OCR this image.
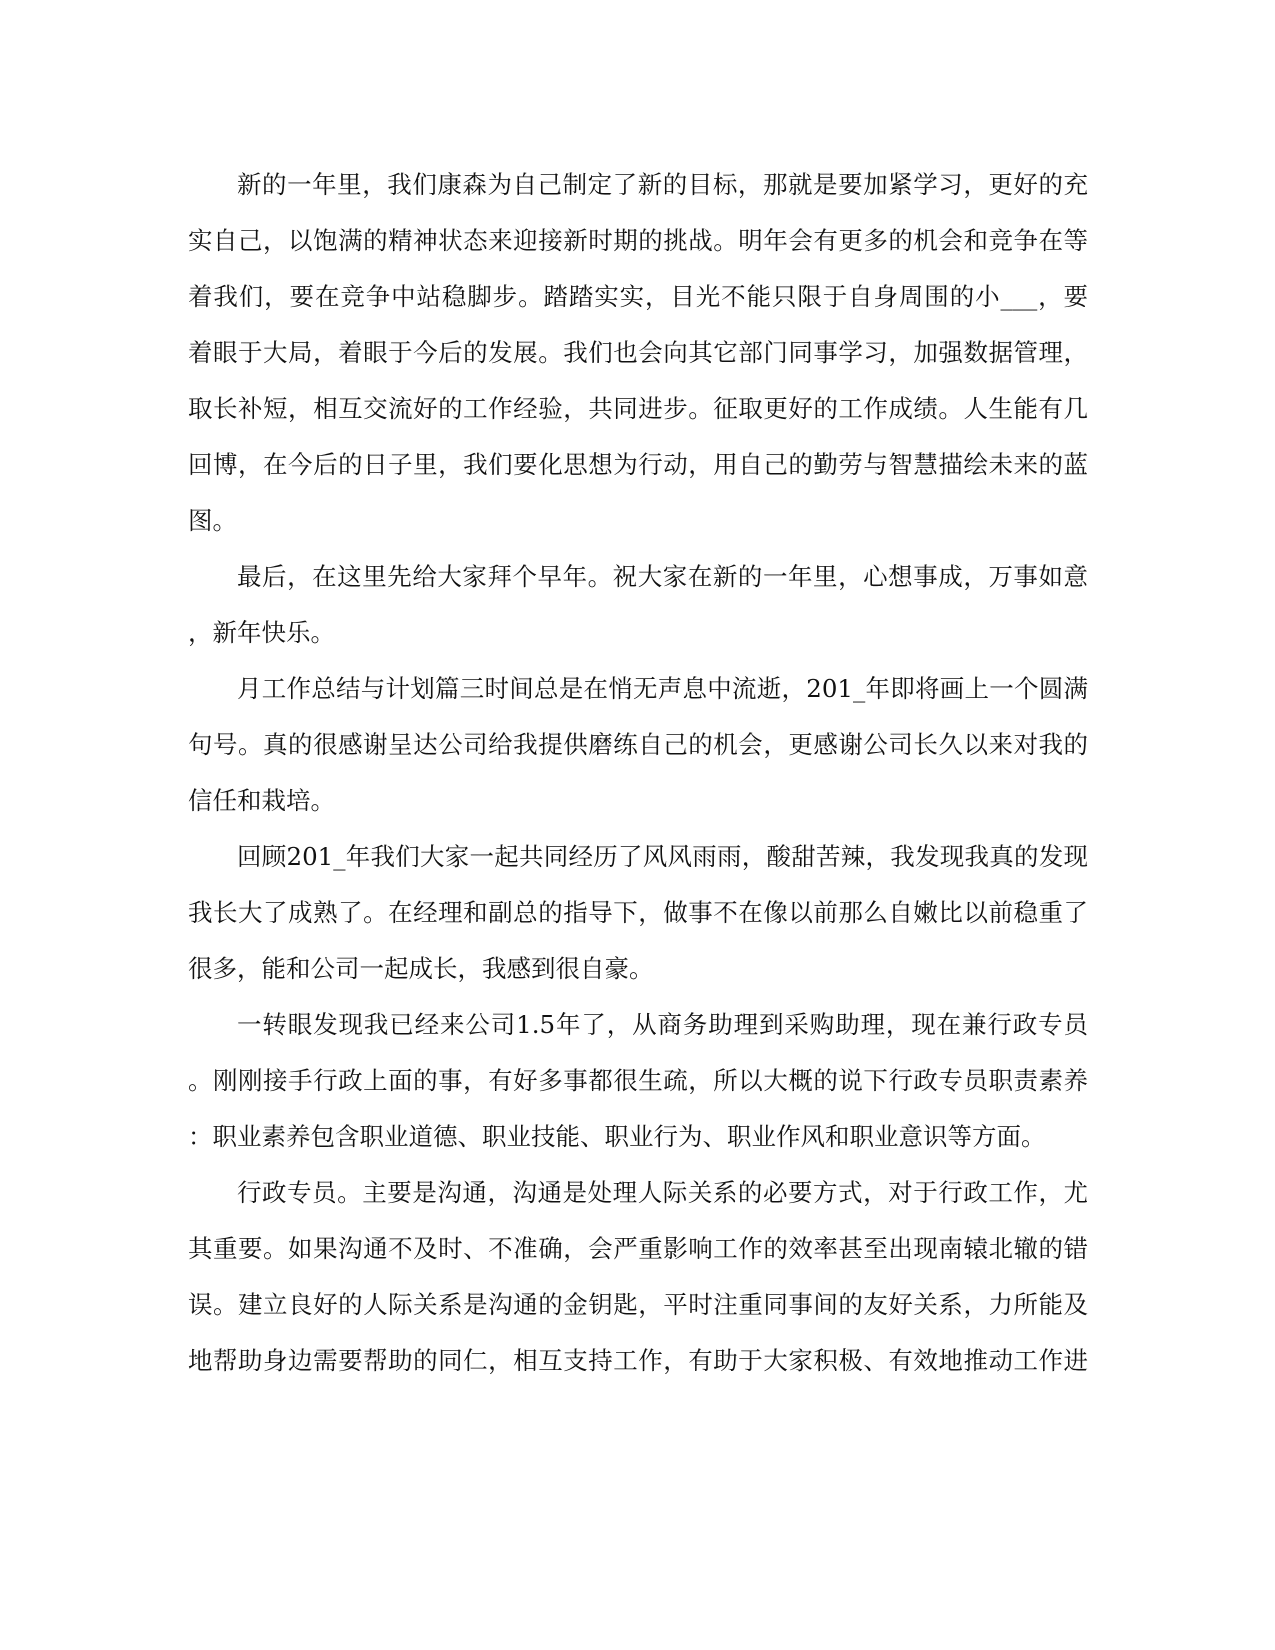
新的一年里，我们康森为自己制定了新的目标，那就是要加紧学习，更好的充
实自己，以饱满的精神状态来迎接新时期的挑战。明年会有更多的机会和竞争在等
着我们，要在竞争中站稳脚步。踏踏实实，目光不能只限于自身周围的小___，要
着眼于大局，着眼于今后的发展。我们也会向其它部门同事学习，加强数据管理，
取长补短，相互交流好的工作经验，共同进步。征取更好的工作成绩。人生能有几
回博，在今后的日子里，我们要化思想为行动，用自己的勤劳与智慧描绘未来的蓝
图。
最后，在这里先给大家拜个早年。祝大家在新的一年里，心想事成，万事如意
，新年快乐。
月工作总结与计划篇三时间总是在悄无声息中流逝，201_年即将画上一个圆满
句号。真的很感谢呈达公司给我提供磨练自己的机会，更感谢公司长久以来对我的
信任和栽培。
回顾201_年我们大家一起共同经历了风风雨雨，酸甜苦辣，我发现我真的发现
我长大了成熟了。在经理和副总的指导下，做事不在像以前那么自嫩比以前稳重了
很多，能和公司一起成长，我感到很自豪。
一转眼发现我已经来公司1.5年了，从商务助理到采购助理，现在兼行政专员
。刚刚接手行政上面的事，有好多事都很生疏，所以大概的说下行政专员职责素养
：职业素养包含职业道德、职业技能、职业行为、职业作风和职业意识等方面。
行政专员。主要是沟通，沟通是处理人际关系的必要方式，对于行政工作，尤
其重要。如果沟通不及时、不准确，会严重影响工作的效率甚至出现南辕北辙的错
误。建立良好的人际关系是沟通的金钥匙，平时注重同事间的友好关系，力所能及
地帮助身边需要帮助的同仁，相互支持工作，有助于大家积极、有效地推动工作进
